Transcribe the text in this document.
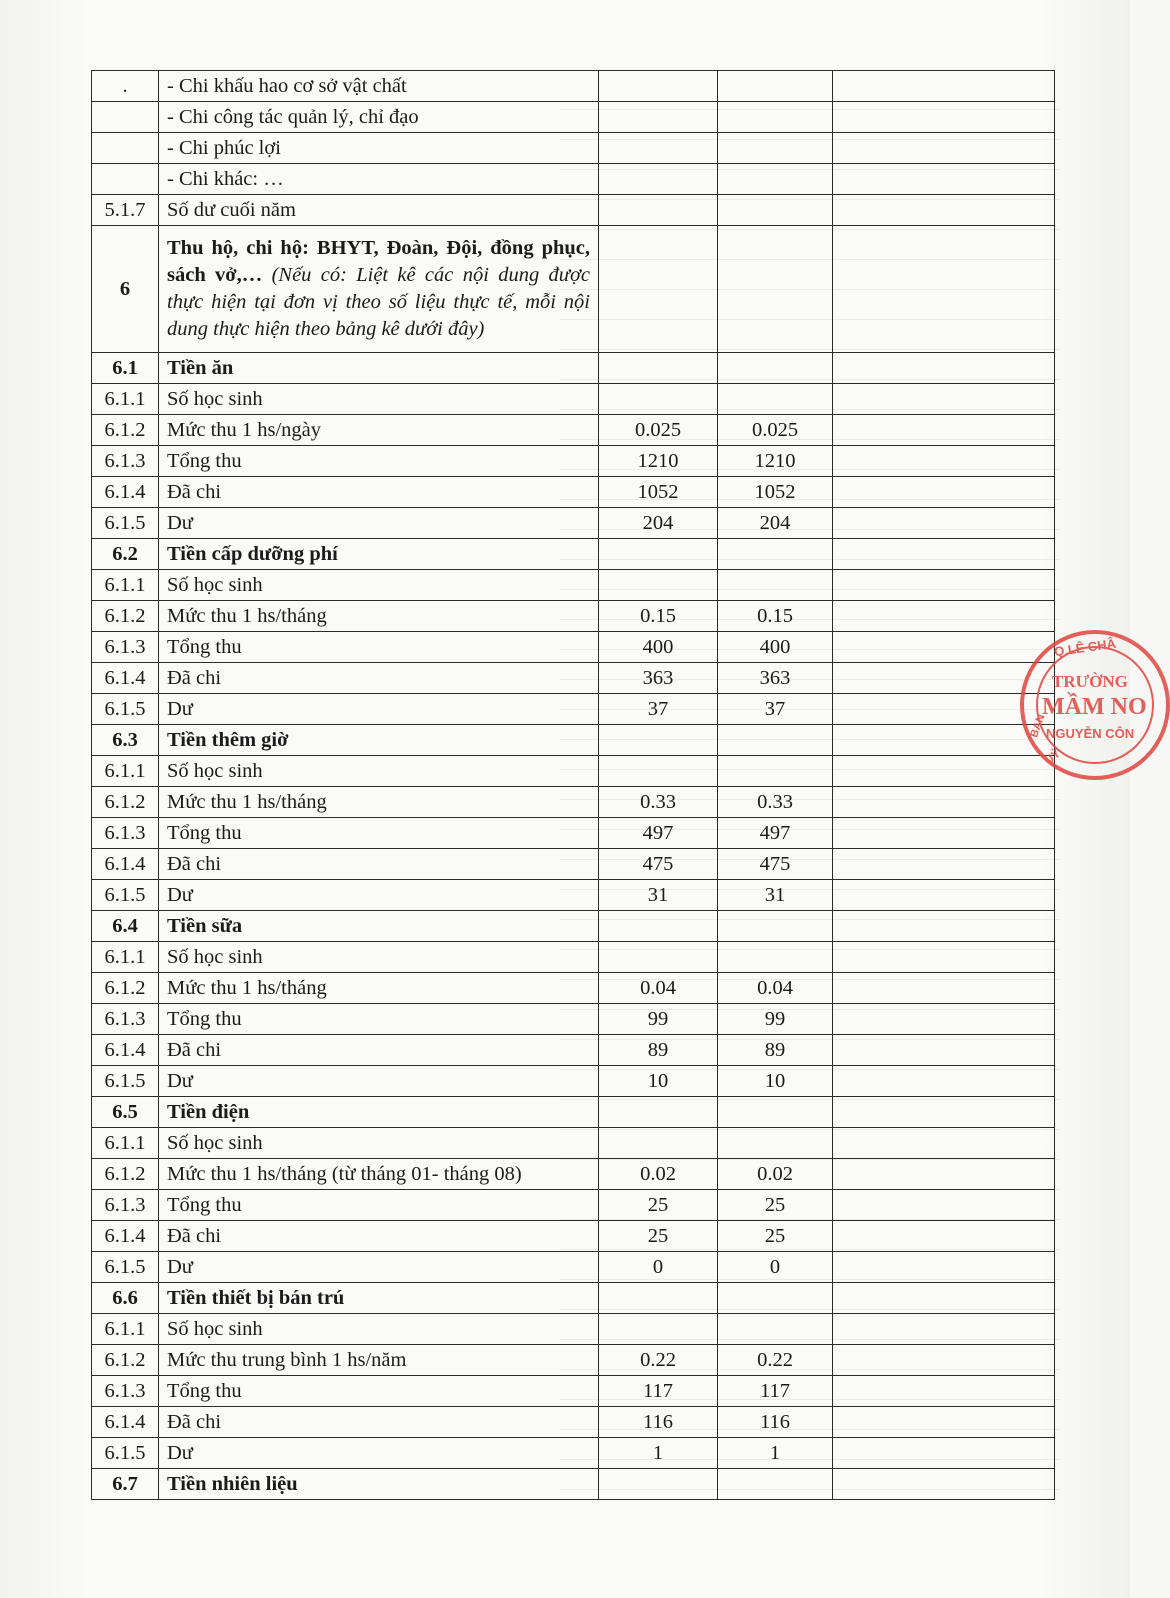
.	- Chi khấu hao cơ sở vật chất			
	- Chi công tác quản lý, chỉ đạo			
	- Chi phúc lợi			
	- Chi khác: …			
5.1.7	Số dư cuối năm			
6	Thu hộ, chi hộ: BHYT, Đoàn, Đội, đồng phục, sách vở,… (Nếu có: Liệt kê các nội dung được thực hiện tại đơn vị theo số liệu thực tế, mỗi nội dung thực hiện theo bảng kê dưới đây)			
6.1	Tiền ăn			
6.1.1	Số học sinh			
6.1.2	Mức thu 1 hs/ngày	0.025	0.025	
6.1.3	Tổng thu	1210	1210	
6.1.4	Đã chi	1052	1052	
6.1.5	Dư	204	204	
6.2	Tiền cấp dưỡng phí			
6.1.1	Số học sinh			
6.1.2	Mức thu 1 hs/tháng	0.15	0.15	
6.1.3	Tổng thu	400	400	
6.1.4	Đã chi	363	363	
6.1.5	Dư	37	37	
6.3	Tiền thêm giờ			
6.1.1	Số học sinh			
6.1.2	Mức thu 1 hs/tháng	0.33	0.33	
6.1.3	Tổng thu	497	497	
6.1.4	Đã chi	475	475	
6.1.5	Dư	31	31	
6.4	Tiền sữa			
6.1.1	Số học sinh			
6.1.2	Mức thu 1 hs/tháng	0.04	0.04	
6.1.3	Tổng thu	99	99	
6.1.4	Đã chi	89	89	
6.1.5	Dư	10	10	
6.5	Tiền điện			
6.1.1	Số học sinh			
6.1.2	Mức thu 1 hs/tháng (từ tháng 01- tháng 08)	0.02	0.02	
6.1.3	Tổng thu	25	25	
6.1.4	Đã chi	25	25	
6.1.5	Dư	0	0	
6.6	Tiền thiết bị bán trú			
6.1.1	Số học sinh			
6.1.2	Mức thu trung bình 1 hs/năm	0.22	0.22	
6.1.3	Tổng thu	117	117	
6.1.4	Đã chi	116	116	
6.1.5	Dư	1	1	
6.7	Tiền nhiên liệu			
Q.LÊ CHÂ
TRƯỜNG
MẦM NO
NGUYỄN CÔN
BAN
UỶ
